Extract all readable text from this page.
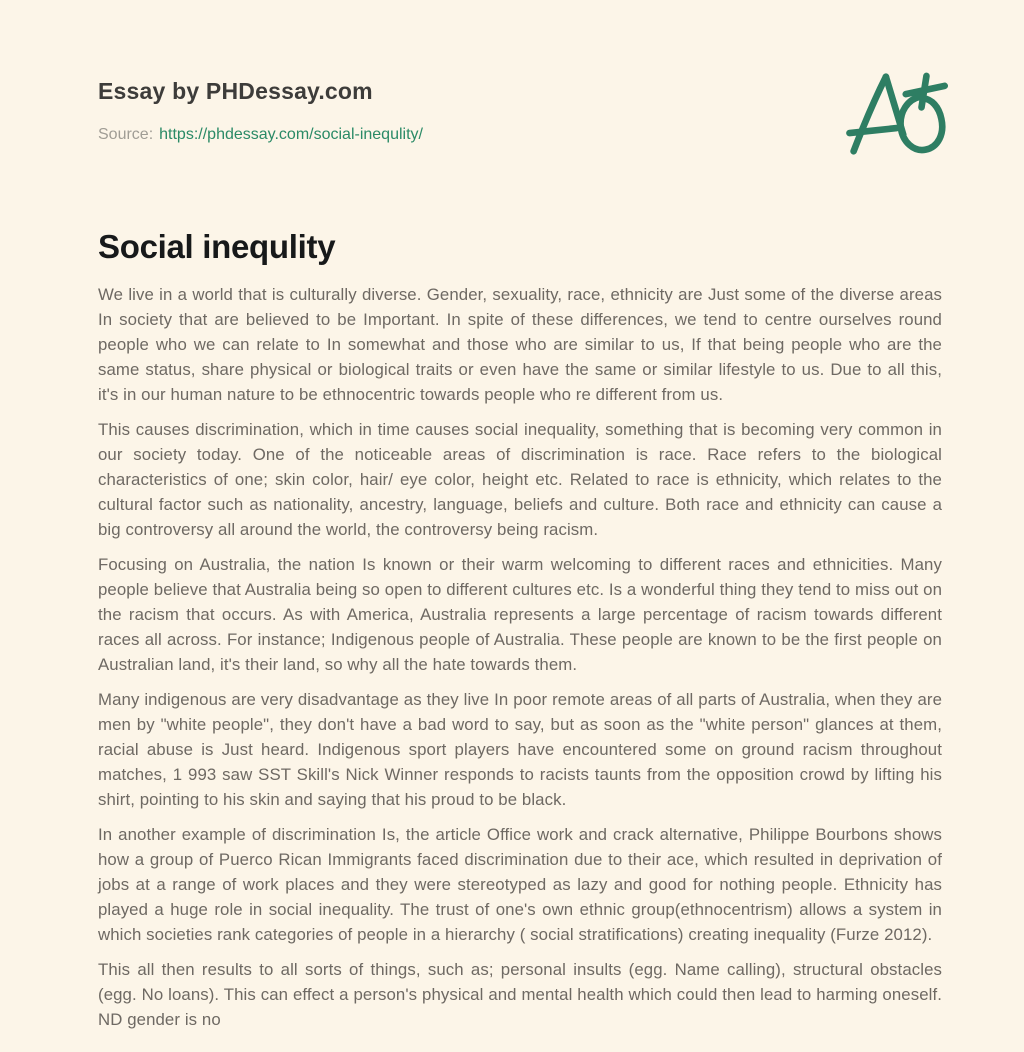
Essay by PHDessay.com

Source: https://phdessay.com/social-inequlity/

Social inequlity

We live in a world that is culturally diverse. Gender, sexuality, race, ethnicity are Just some of the diverse areas In society that are believed to be Important. In spite of these differences, we tend to centre ourselves round people who we can relate to In somewhat and those who are similar to us, If that being people who are the same status, share physical or biological traits or even have the same or similar lifestyle to us. Due to all this, it's in our human nature to be ethnocentric towards people who re different from us.

This causes discrimination, which in time causes social inequality, something that is becoming very common in our society today. One of the noticeable areas of discrimination is race. Race refers to the biological characteristics of one; skin color, hair/ eye color, height etc. Related to race is ethnicity, which relates to the cultural factor such as nationality, ancestry, language, beliefs and culture. Both race and ethnicity can cause a big controversy all around the world, the controversy being racism.

Focusing on Australia, the nation Is known or their warm welcoming to different races and ethnicities. Many people believe that Australia being so open to different cultures etc. Is a wonderful thing they tend to miss out on the racism that occurs. As with America, Australia represents a large percentage of racism towards different races all across. For instance; Indigenous people of Australia. These people are known to be the first people on Australian land, it's their land, so why all the hate towards them.

Many indigenous are very disadvantage as they live In poor remote areas of all parts of Australia, when they are men by "white people", they don't have a bad word to say, but as soon as the "white person" glances at them, racial abuse is Just heard. Indigenous sport players have encountered some on ground racism throughout matches, 1 993 saw SST Skill's Nick Winner responds to racists taunts from the opposition crowd by lifting his shirt, pointing to his skin and saying that his proud to be black.

In another example of discrimination Is, the article Office work and crack alternative, Philippe Bourbons shows how a group of Puerco Rican Immigrants faced discrimination due to their ace, which resulted in deprivation of jobs at a range of work places and they were stereotyped as lazy and good for nothing people. Ethnicity has played a huge role in social inequality. The trust of one's own ethnic group(ethnocentrism) allows a system in which societies rank categories of people in a hierarchy ( social stratifications) creating inequality (Furze 2012).

This all then results to all sorts of things, such as; personal insults (egg. Name calling), structural obstacles (egg. No loans). This can effect a person's physical and mental health which could then lead to harming oneself. ND gender is no
